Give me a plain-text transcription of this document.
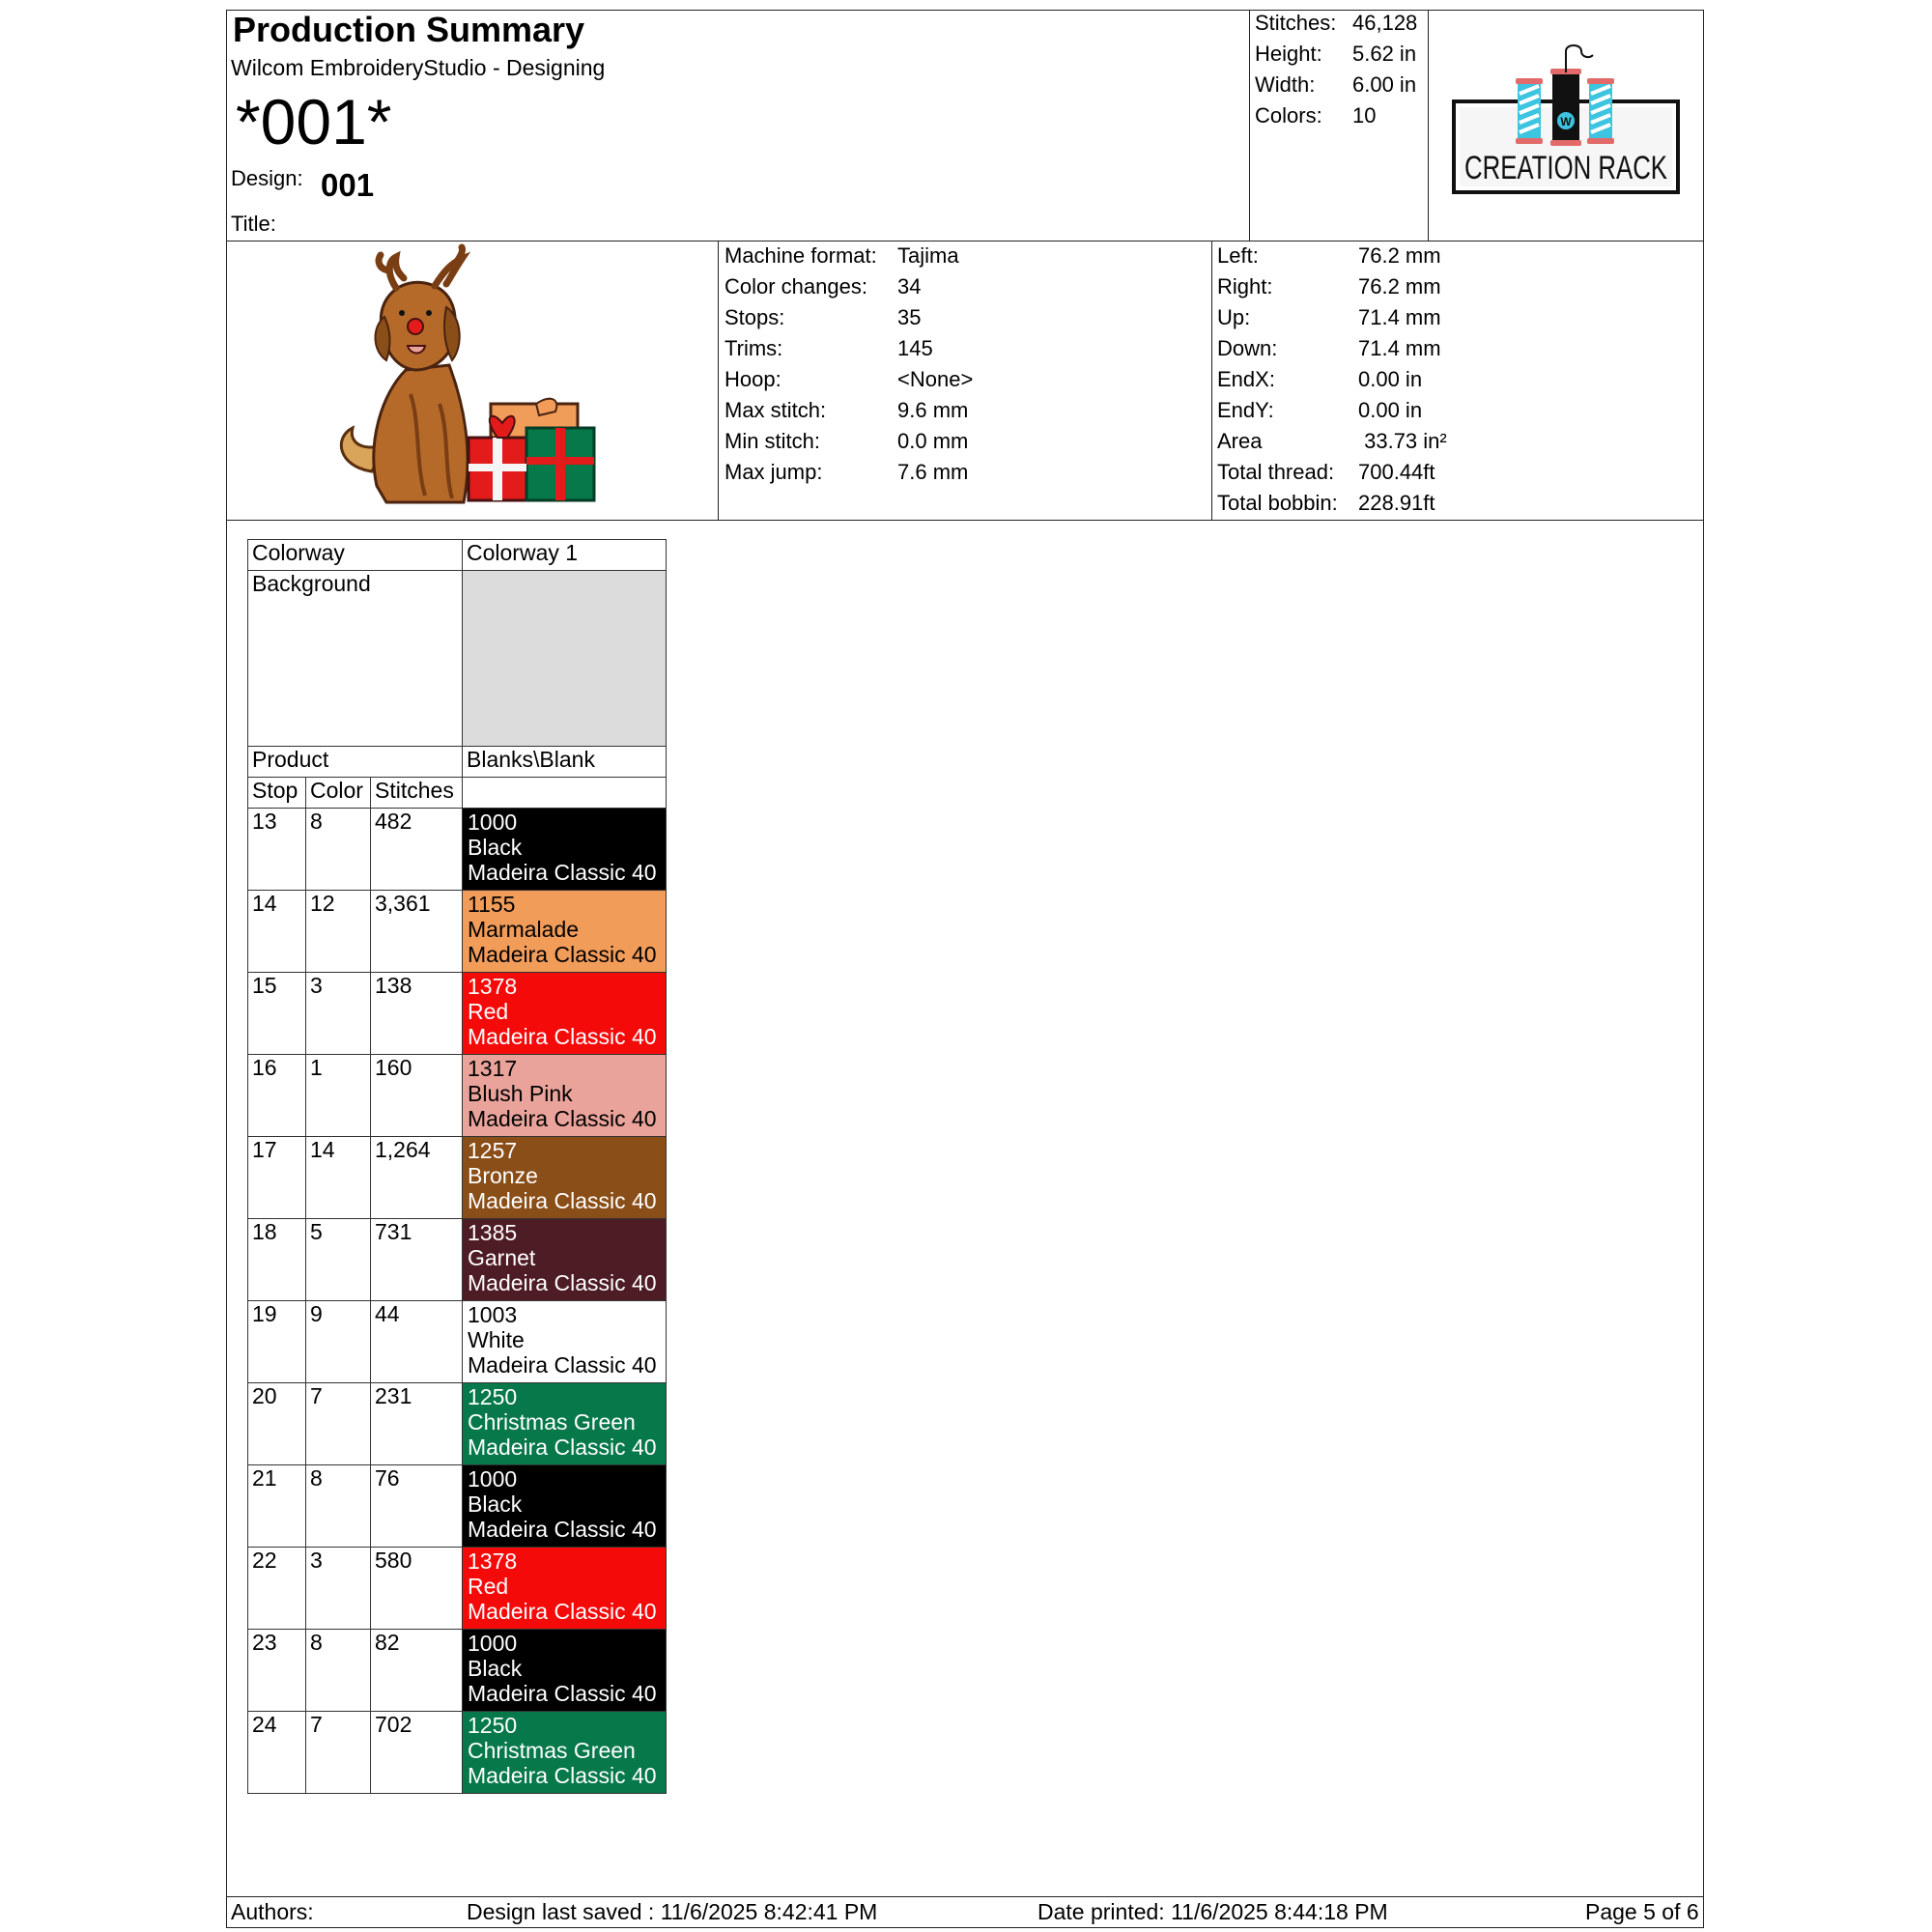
Production Summary
Wilcom EmbroideryStudio - Designing
*001*
Design: 001
Title:
Stitches: 46,128
Height: 5.62 in
Width: 6.00 in
Colors: 10	W
CREATION RACK
Machine format: Tajima
Color changes: 34
Stops:	35
Trims:	145
Hoop:	<None>
Max stitch:	9.6 mm
Min stitch:	0.0 mm
Max jump:	7.6 mm
Left:	76.2 mm
Right:	76.2 mm
Up:	71.4 mm
Down:	71.4 mm
EndX:	0.00 in
EndY:	0.00 in
Area	33.73 in²
Total thread: 700.44ft
Total bobbin: 228.91ft
Colorway			Colorway 1
Background			
Product			Blanks\Blank
Stop	Color	Stitches	
13	8	482	1000
Black
Madeira Classic 40

14	12	3,361	1155
Marmalade
Madeira Classic 40

15	3	138	1378
Red
Madeira Classic 40

16	1	160	1317
Blush Pink
Madeira Classic 40

17	14	1,264	1257
Bronze
Madeira Classic 40

18	5	731	1385
Garnet
Madeira Classic 40

19	9	44	1003
White
Madeira Classic 40

20	7	231	1250
Christmas Green
Madeira Classic 40

21	8	76	1000
Black
Madeira Classic 40

22	3	580	1378
Red
Madeira Classic 40

23	8	82	1000
Black
Madeira Classic 40

24	7	702	1250
Christmas Green
Madeira Classic 40
Authors:	Design last saved : 11/6/2025 8:42:41 PM	Date printed: 11/6/2025 8:44:18 PM	Page 5 of 6
